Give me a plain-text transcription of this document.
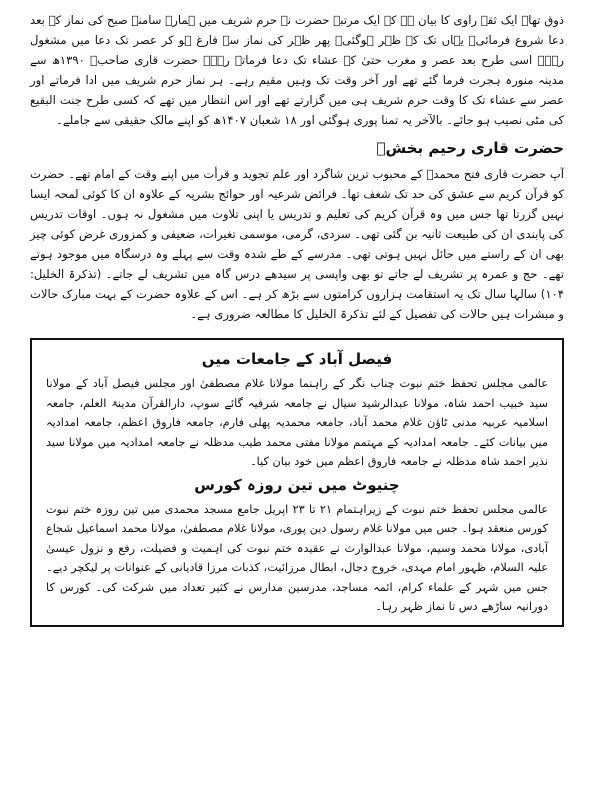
ذوق تھا۔ ایک ثقہ راوی کا بیان ہے کہ ایک مرتبہ حضرت نے حرم شریف میں ہمارے سامنے صبح کی نماز کے بعد دعا شروع فرمائی۔ یہاں تک کہ ظہر ہوگئی۔ پھر ظہر کی نماز سے فارغ ہو کر عصر تک دعا میں مشغول رہے۔ اسی طرح بعد عصر و مغرب حتیٰ کہ عشاء تک دعا فرماتے رہے۔ حضرت قاری صاحبؒ ۱۳۹۰ھ سے مدینہ منورہ ہجرت فرما گئے تھے اور آخر وقت تک وہیں مقیم رہے۔ ہر نماز حرم شریف میں ادا فرماتے اور عصر سے عشاء تک کا وقت حرم شریف ہی میں گزارتے تھے اور اس انتظار میں تھے کہ کسی طرح جنت البقیع کی مٹی نصیب ہو جائے۔ بالآخر یہ تمنا پوری ہوگئی اور ۱۸ شعبان ۱۴۰۷ھ کو اپنے مالک حقیقی سے جاملے۔

حضرت قاری رحیم بخشؒ

آپ حضرت قاری فتح محمدؒ کے محبوب ترین شاگرد اور علم تجوید و قرأت میں اپنے وقت کے امام تھے۔ حضرت کو قرآن کریم سے عشق کی حد تک شغف تھا۔ فرائض شرعیہ اور حوائج بشریہ کے علاوہ ان کا کوئی لمحہ ایسا نہیں گزرتا تھا جس میں وہ قرآن کریم کی تعلیم و تدریس یا اپنی تلاوت میں مشغول نہ ہوں۔ اوقات تدریس کی پابندی ان کی طبیعت ثانیہ بن گئی تھی۔ سردی، گرمی، موسمی تغیرات، ضعیفی و کمزوری غرض کوئی چیز بھی ان کے راستے میں حائل نہیں ہوتی تھی۔ مدرسے کے طے شدہ وقت سے پہلے وہ درسگاہ میں موجود ہوتے تھے۔ حج و عمرہ پر تشریف لے جاتے تو بھی واپسی پر سیدھے درس گاہ میں تشریف لے جاتے۔ (تذکرۃ الخلیل: ۱۰۴) سالہا سال تک یہ استقامت ہزاروں کرامتوں سے بڑھ کر ہے۔ اس کے علاوہ حضرت کے بہت مبارک حالات و مبشرات ہیں حالات کی تفصیل کے لئے تذکرۃ الخلیل کا مطالعہ ضروری ہے۔

فیصل آباد کے جامعات میں

عالمی مجلس تحفظ ختم نبوت چناب نگر کے راہنما مولانا غلام مصطفیٰ اور مجلس فیصل آباد کے مولانا سید خبیب احمد شاہ، مولانا عبدالرشید سیال نے جامعہ شرفیہ گائے سوپ، دارالقرآن مدینۃ العلم، جامعہ اسلامیہ عربیہ مدنی ٹاؤن غلام محمد آباد، جامعہ محمدیہ پھلی فارم، جامعہ فاروق اعظم، جامعہ امدادیہ میں بیانات کئے۔ جامعہ امدادیہ کے مہتمم مولانا مفتی محمد طیب مدظلہ نے جامعہ امدادیہ میں مولانا سید نذیر احمد شاہ مدظلہ نے جامعہ فاروق اعظم میں خود بیان کیا۔

چنیوٹ میں تین روزہ کورس

عالمی مجلس تحفظ ختم نبوت کے زیراہتمام ۲۱ تا ۲۳ اپریل جامع مسجد محمدی میں تین روزہ ختم نبوت کورس منعقد ہوا۔ جس میں مولانا غلام رسول دین پوری، مولانا غلام مصطفیٰ، مولانا محمد اسماعیل شجاع آبادی، مولانا محمد وسیم، مولانا عبدالوارث نے عقیدہ ختم نبوت کی اہمیت و فضیلت، رفع و نزول عیسیٰ علیہ السلام، ظہور امام مہدی، خروج دجال، ابطال مرزائیت، کذبات مرزا قادیانی کے عنوانات پر لیکچر دیے۔ جس میں شہر کے علماء کرام، ائمہ مساجد، مدرسین مدارس نے کثیر تعداد میں شرکت کی۔ کورس کا دورانیہ ساڑھے دس تا نماز ظہر رہا۔
